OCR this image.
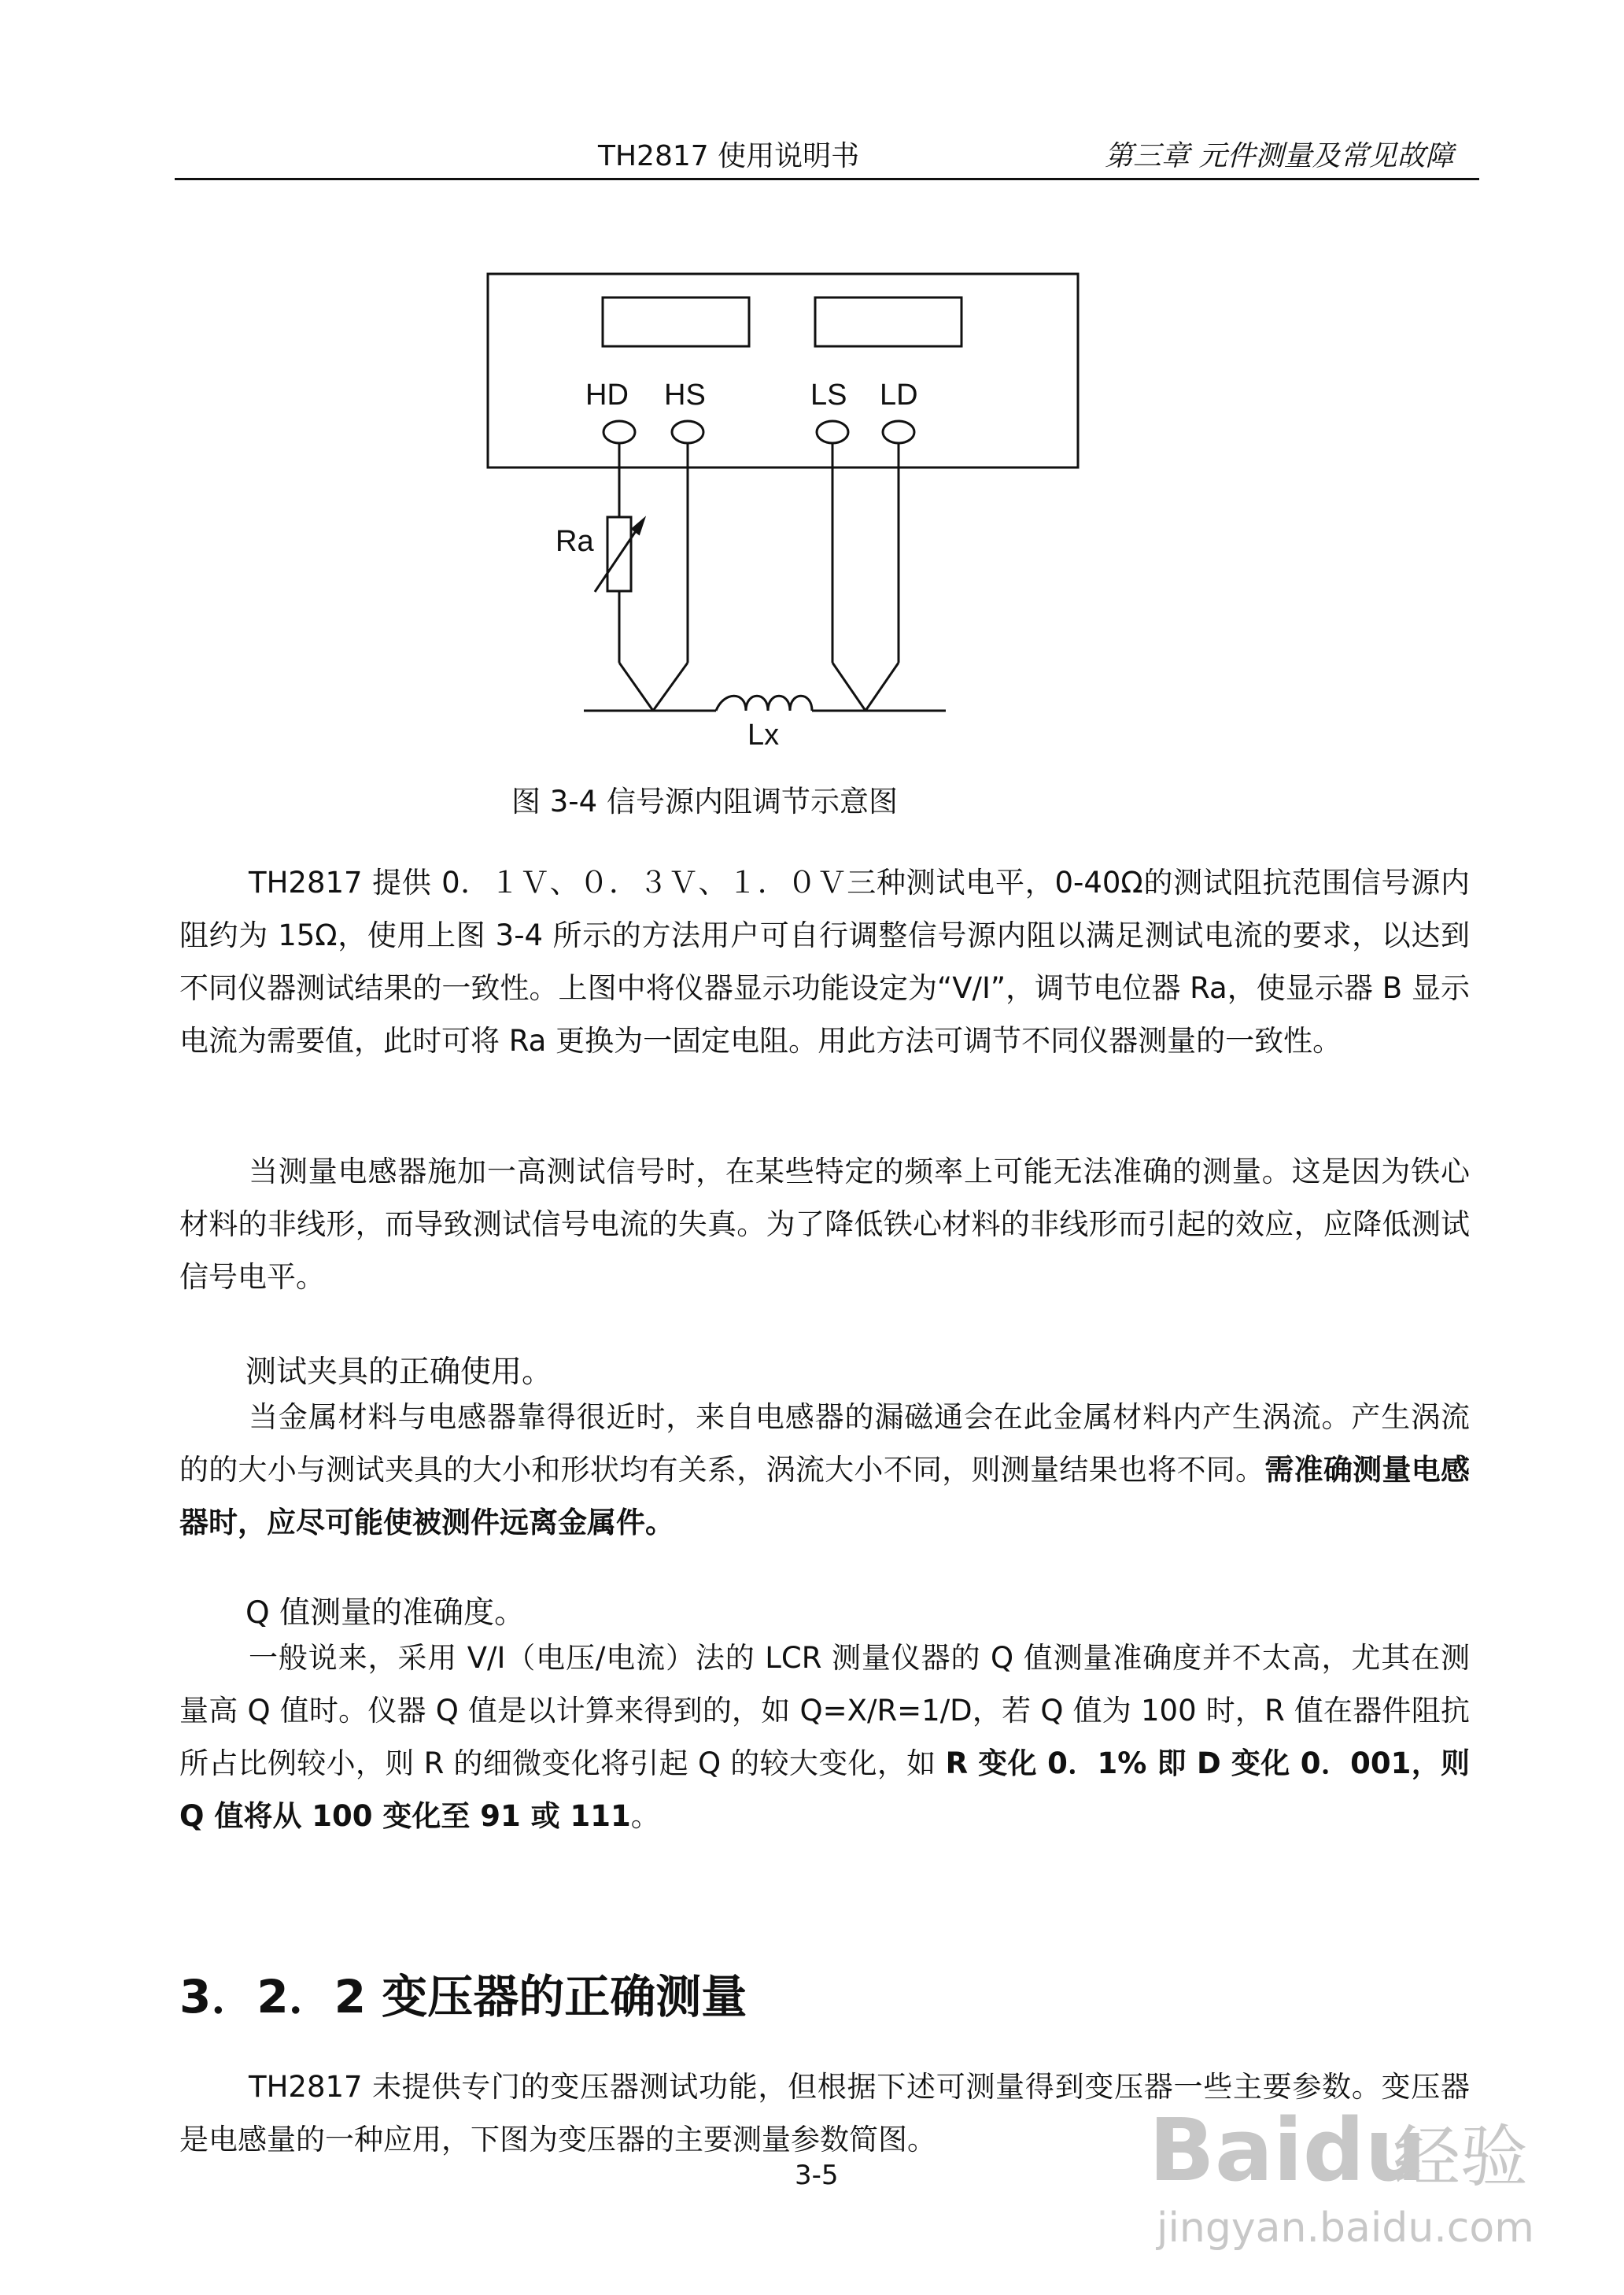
TH2817 使用说明书	第三章 元件测量及常见故障
HD HS	LS LD
Ra
Lx
图 3-4 信号源内阻调节示意图
TH2817 提供 0．１Ｖ、０．３Ｖ、１．０Ｖ三种测试电平，0-40Ω的测试阻抗范围信号源内阻约为 15Ω，使用上图 3-4 所示的方法用户可自行调整信号源内阻以满足测试电流的要求，以达到不同仪器测试结果的一致性。上图中将仪器显示功能设定为“V/I”，调节电位器 Ra，使显示器 B 显示电流为需要值，此时可将 Ra 更换为一固定电阻。用此方法可调节不同仪器测量的一致性。
当测量电感器施加一高测试信号时，在某些特定的频率上可能无法准确的测量。这是因为铁心材料的非线形，而导致测试信号电流的失真。为了降低铁心材料的非线形而引起的效应，应降低测试信号电平。
测试夹具的正确使用。
当金属材料与电感器靠得很近时，来自电感器的漏磁通会在此金属材料内产生涡流。产生涡流的的大小与测试夹具的大小和形状均有关系，涡流大小不同，则测量结果也将不同。需准确测量电感器时，应尽可能使被测件远离金属件。
Q 值测量的准确度。
一般说来，采用 V/I（电压/电流）法的 LCR 测量仪器的 Q 值测量准确度并不太高，尤其在测量高 Q 值时。仪器 Q 值是以计算来得到的，如 Q=X/R=1/D，若 Q 值为 100 时，R 值在器件阻抗所占比例较小，则 R 的细微变化将引起 Q 的较大变化，如 R 变化 0．1% 即 D 变化 0．001，则 Q 值将从 100 变化至 91 或 111。
3．2．2 变压器的正确测量
TH2817 未提供专门的变压器测试功能，但根据下述可测量得到变压器一些主要参数。变压器是电感量的一种应用，下图为变压器的主要测量参数简图。
3-5	Baidu
经验
jingyan.baidu.com
